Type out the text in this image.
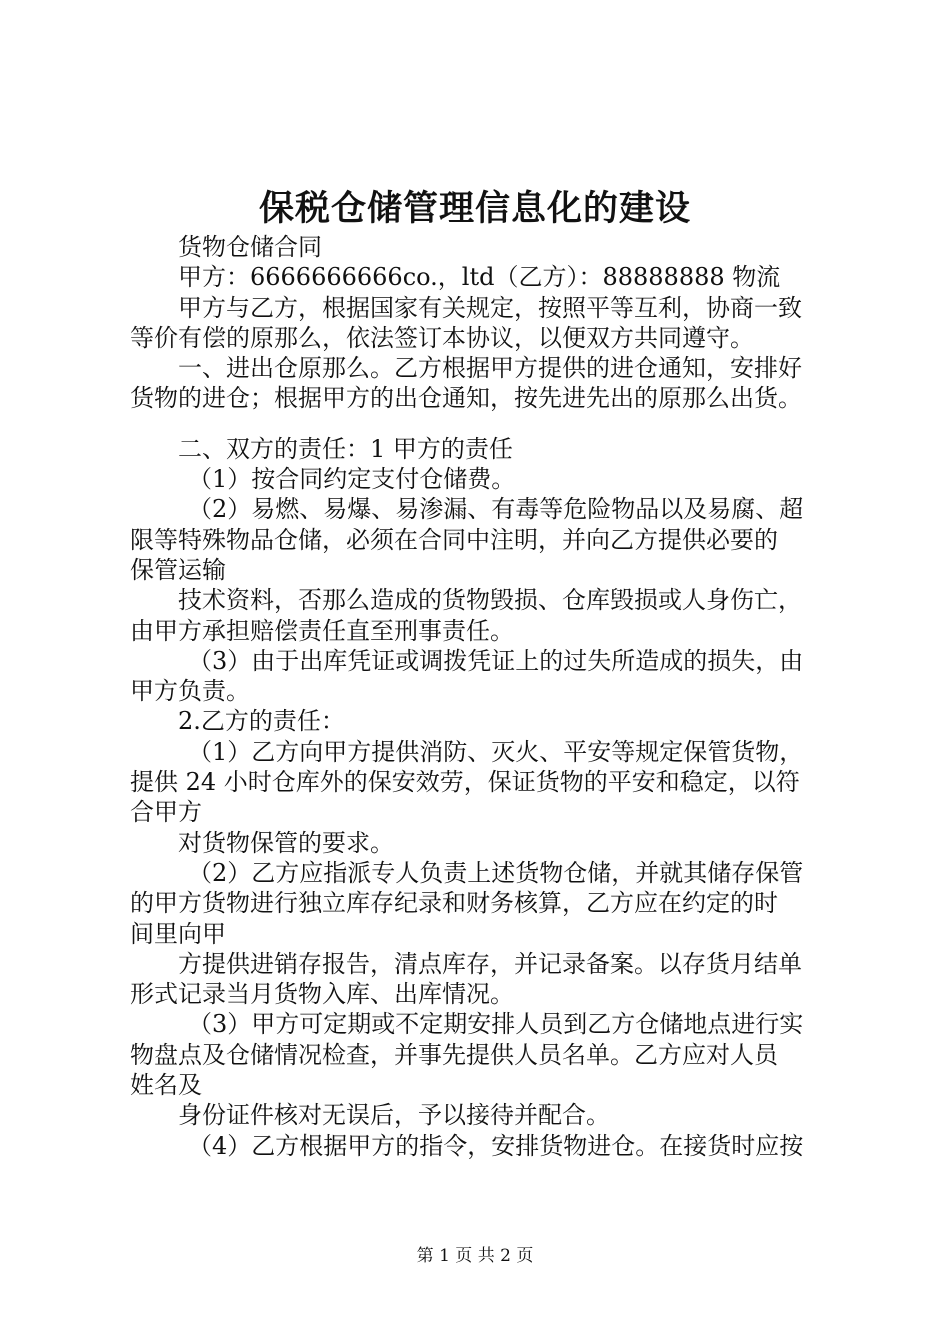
保税仓储管理信息化的建设
货物仓储合同
甲方：6666666666co.，ltd（乙方）：88888888 物流
甲方与乙方，根据国家有关规定，按照平等互利，协商一致
等价有偿的原那么，依法签订本协议，以便双方共同遵守。
一、进出仓原那么。乙方根据甲方提供的进仓通知，安排好
货物的进仓；根据甲方的出仓通知，按先进先出的原那么出货。
二、双方的责任：1 甲方的责任
（1）按合同约定支付仓储费。
（2）易燃、易爆、易渗漏、有毒等危险物品以及易腐、超
限等特殊物品仓储，必须在合同中注明，并向乙方提供必要的
保管运输
技术资料，否那么造成的货物毁损、仓库毁损或人身伤亡，
由甲方承担赔偿责任直至刑事责任。
（3）由于出库凭证或调拨凭证上的过失所造成的损失，由
甲方负责。
2.乙方的责任：
（1）乙方向甲方提供消防、灭火、平安等规定保管货物，
提供 24 小时仓库外的保安效劳，保证货物的平安和稳定，以符
合甲方
对货物保管的要求。
（2）乙方应指派专人负责上述货物仓储，并就其储存保管
的甲方货物进行独立库存纪录和财务核算，乙方应在约定的时
间里向甲
方提供进销存报告，清点库存，并记录备案。以存货月结单
形式记录当月货物入库、出库情况。
（3）甲方可定期或不定期安排人员到乙方仓储地点进行实
物盘点及仓储情况检查，并事先提供人员名单。乙方应对人员
姓名及
身份证件核对无误后，予以接待并配合。
（4）乙方根据甲方的指令，安排货物进仓。在接货时应按
第 1 页 共 2 页
